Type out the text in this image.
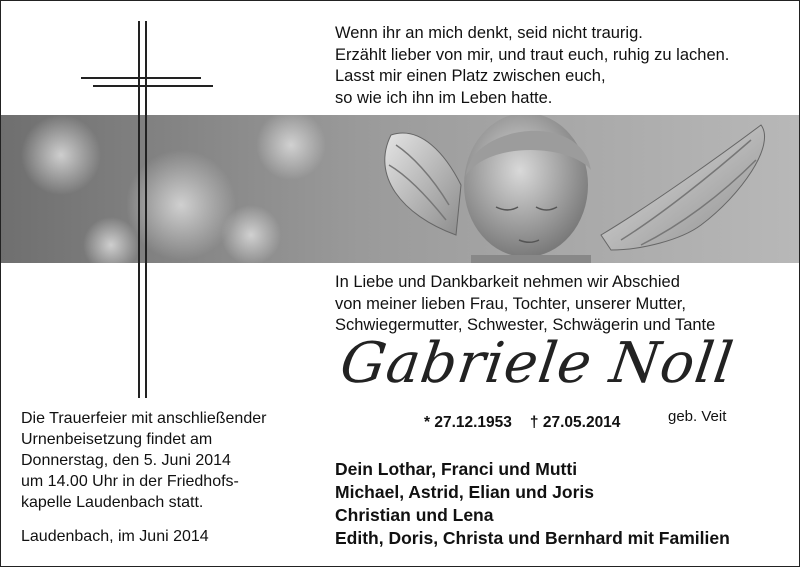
Wenn ihr an mich denkt, seid nicht traurig.
Erzählt lieber von mir, und traut euch, ruhig zu lachen.
Lasst mir einen Platz zwischen euch,
so wie ich ihn im Leben hatte.
In Liebe und Dankbarkeit nehmen wir Abschied
von meiner lieben Frau, Tochter, unserer Mutter,
Schwiegermutter, Schwester, Schwägerin und Tante
Gabriele Noll
geb. Veit
* 27.12.1953 † 27.05.2014
Die Trauerfeier mit anschließender
Urnenbeisetzung findet am
Donnerstag, den 5. Juni 2014
um 14.00 Uhr in der Friedhofs-
kapelle Laudenbach statt.
Laudenbach, im Juni 2014
Dein Lothar, Franci und Mutti
Michael, Astrid, Elian und Joris
Christian und Lena
Edith, Doris, Christa und Bernhard mit Familien
